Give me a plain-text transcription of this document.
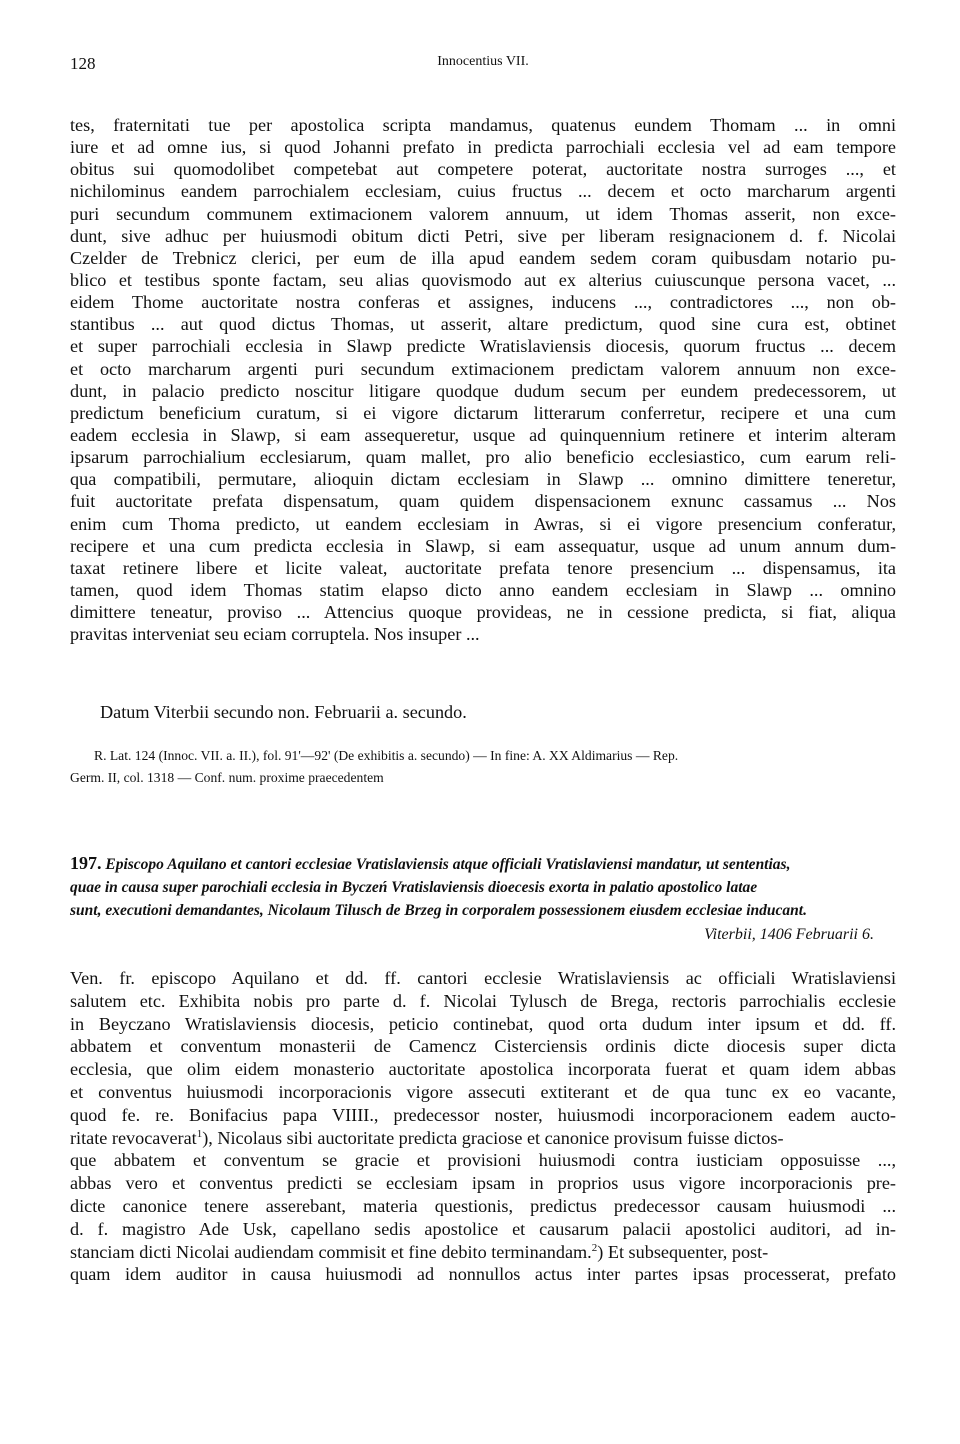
128	Innocentius VII.
tes, fraternitati tue per apostolica scripta mandamus, quatenus eundem Thomam ... in omni
iure et ad omne ius, si quod Johanni prefato in predicta parrochiali ecclesia vel ad eam tempore
obitus sui quomodolibet competebat aut competere poterat, auctoritate nostra surroges ..., et
nichilominus eandem parrochialem ecclesiam, cuius fructus ... decem et octo marcharum argenti
puri secundum communem extimacionem valorem annuum, ut idem Thomas asserit, non exce-
dunt, sive adhuc per huiusmodi obitum dicti Petri, sive per liberam resignacionem d. f. Nicolai
Czelder de Trebnicz clerici, per eum de illa apud eandem sedem coram quibusdam notario pu-
blico et testibus sponte factam, seu alias quovismodo aut ex alterius cuiuscunque persona vacet, ...
eidem Thome auctoritate nostra conferas et assignes, inducens ..., contradictores ..., non ob-
stantibus ... aut quod dictus Thomas, ut asserit, altare predictum, quod sine cura est, obtinet
et super parrochiali ecclesia in Slawp predicte Wratislaviensis diocesis, quorum fructus ... decem
et octo marcharum argenti puri secundum extimacionem predictam valorem annuum non exce-
dunt, in palacio predicto noscitur litigare quodque dudum secum per eundem predecessorem, ut
predictum beneficium curatum, si ei vigore dictarum litterarum conferretur, recipere et una cum
eadem ecclesia in Slawp, si eam assequeretur, usque ad quinquennium retinere et interim alteram
ipsarum parrochialium ecclesiarum, quam mallet, pro alio beneficio ecclesiastico, cum earum reli-
qua compatibili, permutare, alioquin dictam ecclesiam in Slawp ... omnino dimittere teneretur,
fuit auctoritate prefata dispensatum, quam quidem dispensacionem exnunc cassamus ... Nos
enim cum Thoma predicto, ut eandem ecclesiam in Awras, si ei vigore presencium conferatur,
recipere et una cum predicta ecclesia in Slawp, si eam assequatur, usque ad unum annum dum-
taxat retinere libere et licite valeat, auctoritate prefata tenore presencium ... dispensamus, ita
tamen, quod idem Thomas statim elapso dicto anno eandem ecclesiam in Slawp ... omnino
dimittere teneatur, proviso ... Attencius quoque provideas, ne in cessione predicta, si fiat, aliqua
pravitas interveniat seu eciam corruptela. Nos insuper ...
Datum Viterbii secundo non. Februarii a. secundo.
R. Lat. 124 (Innoc. VII. a. II.), fol. 91'—92' (De exhibitis a. secundo) — In fine: A. XX Aldimarius — Rep.
Germ. II, col. 1318 — Conf. num. proxime praecedentem
197. Episcopo Aquilano et cantori ecclesiae Vratislaviensis atque officiali Vratislaviensi mandatur, ut sententias,
quae in causa super parochiali ecclesia in Byczeń Vratislaviensis dioecesis exorta in palatio apostolico latae
sunt, executioni demandantes, Nicolaum Tilusch de Brzeg in corporalem possessionem eiusdem ecclesiae inducant.
Viterbii, 1406 Februarii 6.
Ven. fr. episcopo Aquilano et dd. ff. cantori ecclesie Wratislaviensis ac officiali Wratislaviensi
salutem etc. Exhibita nobis pro parte d. f. Nicolai Tylusch de Brega, rectoris parrochialis ecclesie
in Beyczano Wratislaviensis diocesis, peticio continebat, quod orta dudum inter ipsum et dd. ff.
abbatem et conventum monasterii de Camencz Cisterciensis ordinis dicte diocesis super dicta
ecclesia, que olim eidem monasterio auctoritate apostolica incorporata fuerat et quam idem abbas
et conventus huiusmodi incorporacionis vigore assecuti extiterant et de qua tunc ex eo vacante,
quod fe. re. Bonifacius papa VIIII., predecessor noster, huiusmodi incorporacionem eadem aucto-
ritate revocaverat$^1$), Nicolaus sibi auctoritate predicta graciose et canonice provisum fuisse dictos-
que abbatem et conventum se gracie et provisioni huiusmodi contra iusticiam opposuisse ...,
abbas vero et conventus predicti se ecclesiam ipsam in proprios usus vigore incorporacionis pre-
dicte canonice tenere asserebant, materia questionis, predictus predecessor causam huiusmodi ...
d. f. magistro Ade Usk, capellano sedis apostolice et causarum palacii apostolici auditori, ad in-
stanciam dicti Nicolai audiendam commisit et fine debito terminandam.$^2$) Et subsequenter, post-
quam idem auditor in causa huiusmodi ad nonnullos actus inter partes ipsas processerat, prefato
